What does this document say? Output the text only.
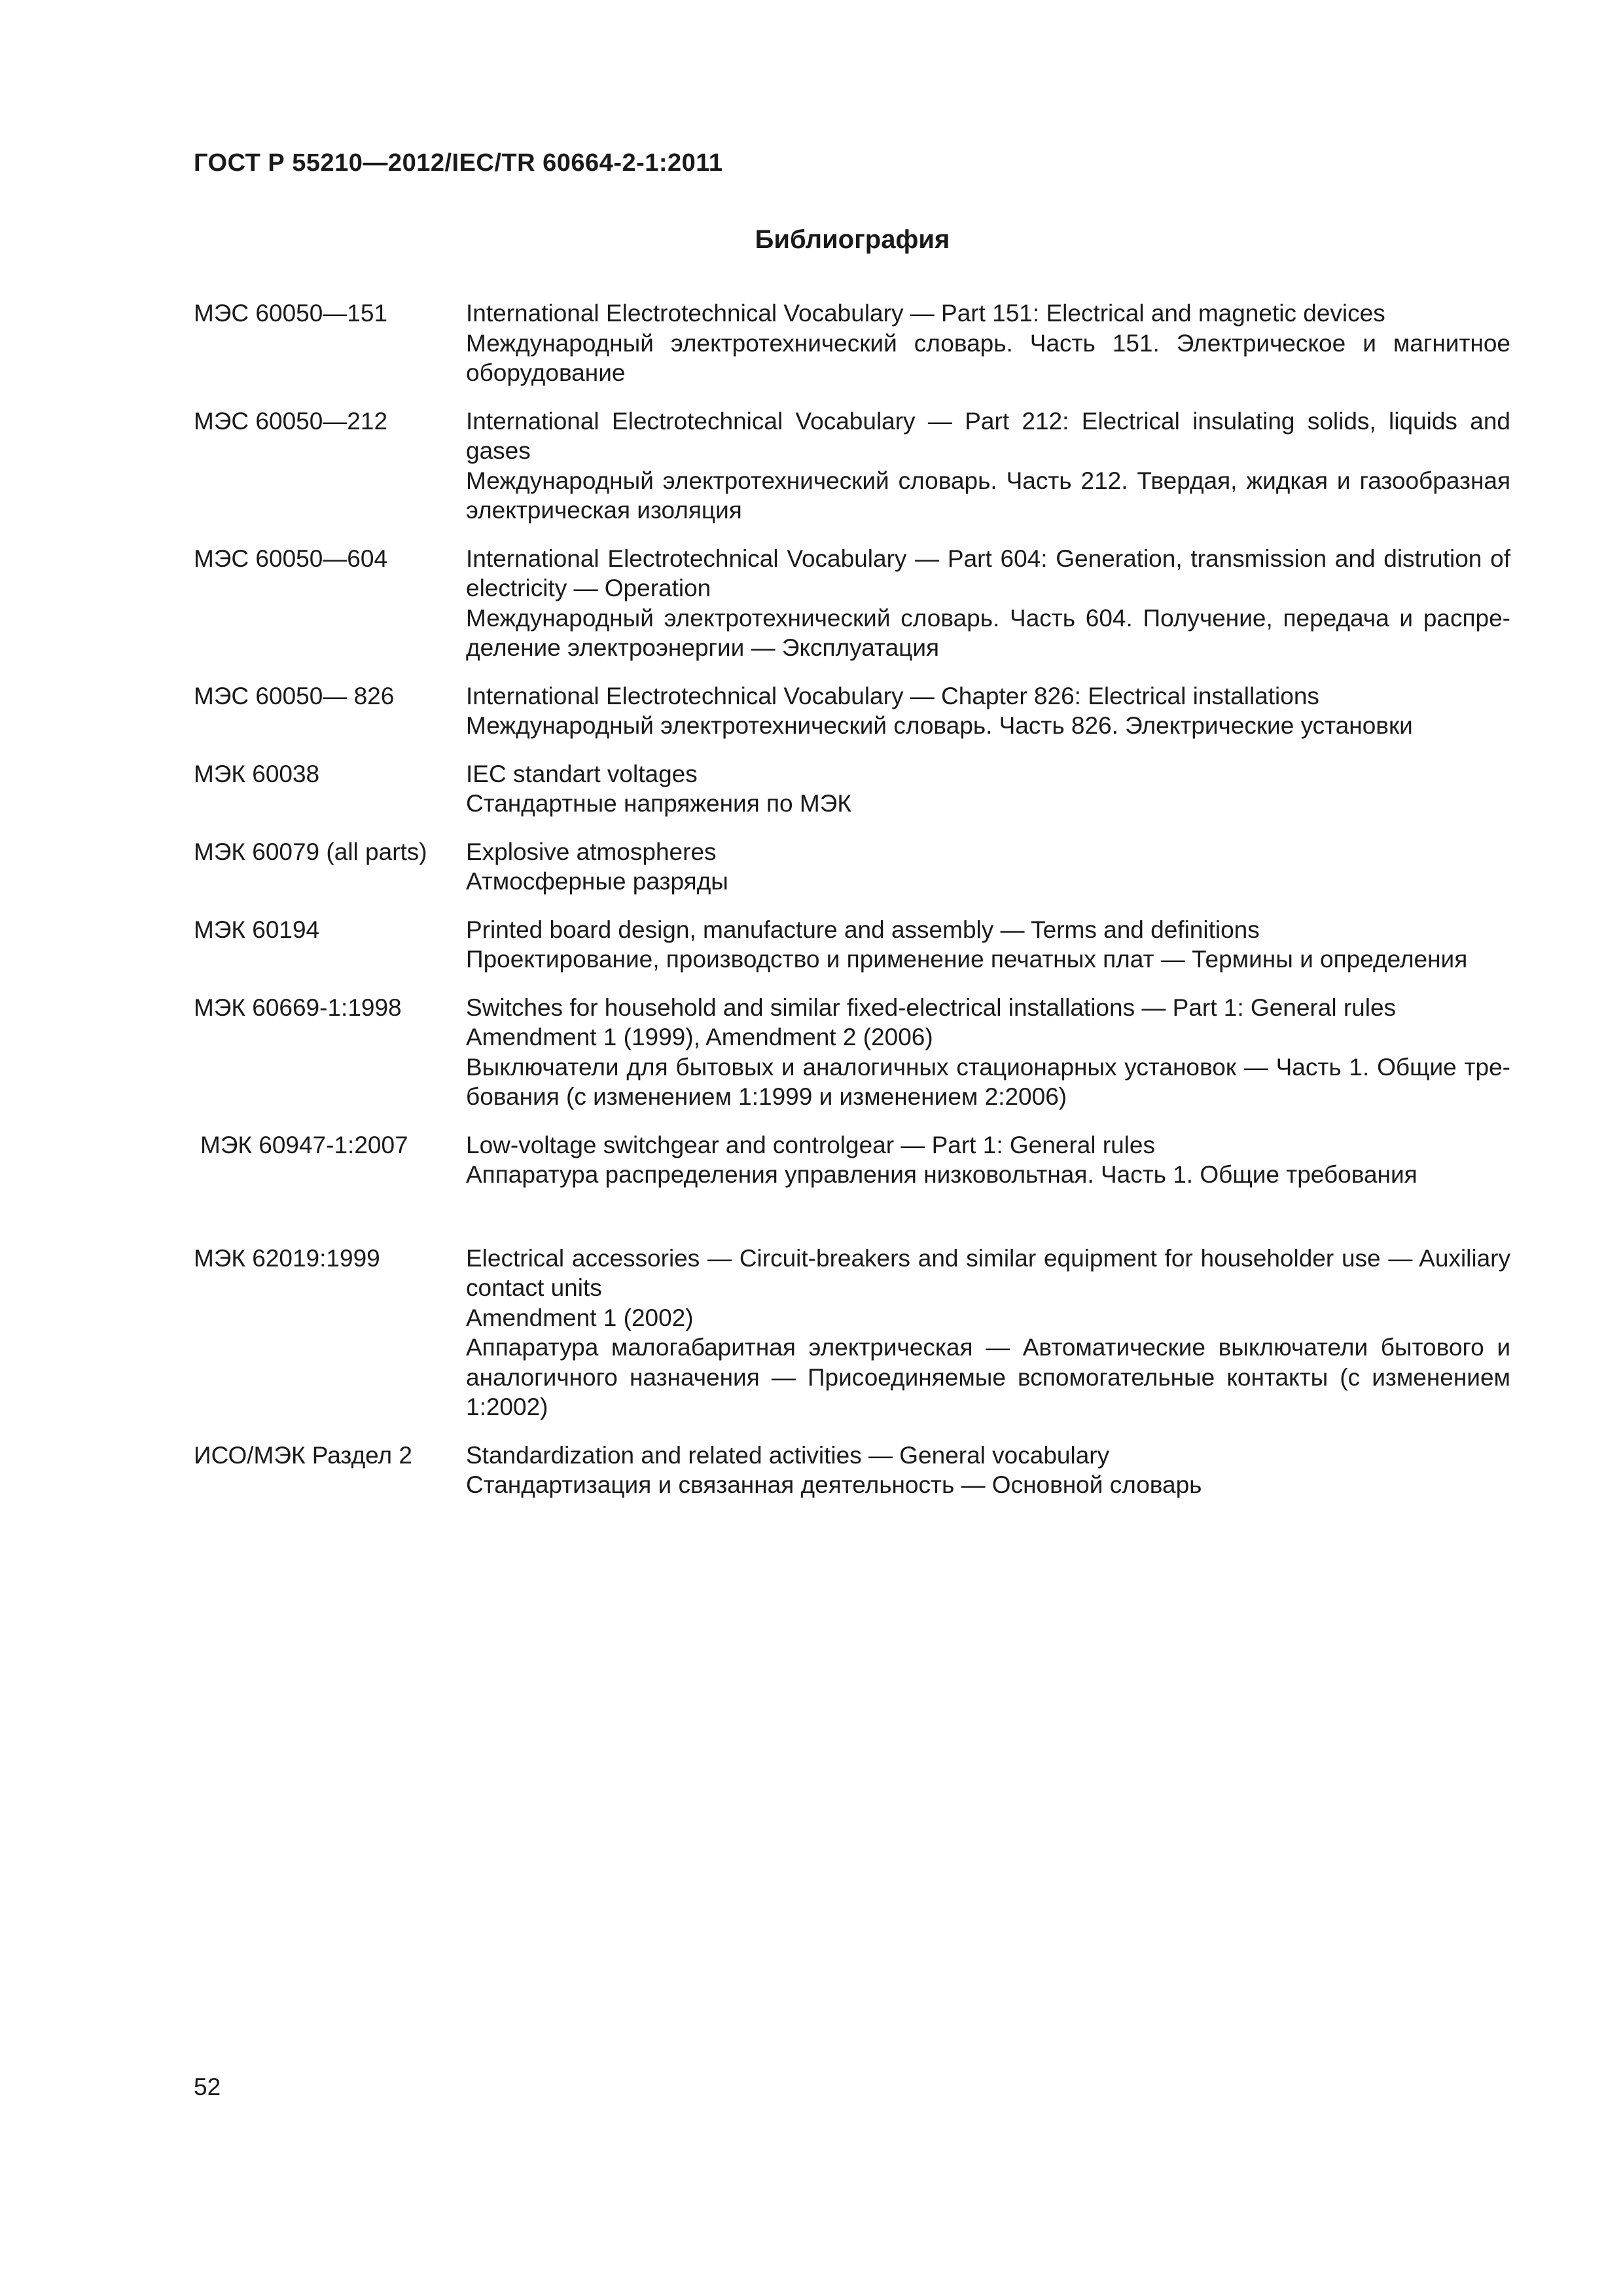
ГОСТ Р 55210—2012/IEC/TR 60664-2-1:2011
Библиография
МЭС 60050—151	International Electrotechnical Vocabulary — Part 151: Electrical and magnetic devices

Международный электротехнический словарь. Часть 151. Электрическое и магнитное оборудование

МЭС 60050—212	International Electrotechnical Vocabulary — Part 212: Electrical insulating solids, liquids and gases

Международный электротехнический словарь. Часть 212. Твердая, жидкая и газообразная электрическая изоляция

МЭС 60050—604	International Electrotechnical Vocabulary — Part 604: Generation, transmission and distrution of electricity — Operation

Международный электротехнический словарь. Часть 604. Получение, передача и распределение электроэнергии — Эксплуатация

МЭС 60050— 826	International Electrotechnical Vocabulary — Chapter 826: Electrical installations

Международный электротехнический словарь. Часть 826. Электрические установки

МЭК 60038	IEC standart voltages

Стандартные напряжения по МЭК

МЭК 60079 (all parts)	Explosive atmospheres

Атмосферные разряды

МЭК 60194	Printed board design, manufacture and assembly — Terms and definitions

Проектирование, производство и применение печатных плат — Термины и определения

МЭК 60669-1:1998	Switches for household and similar fixed-electrical installations — Part 1: General rules

Amendment 1 (1999), Amendment 2 (2006)

Выключатели для бытовых и аналогичных стационарных установок — Часть 1. Общие требования (с изменением 1:1999 и изменением 2:2006)

МЭК 60947-1:2007	Low-voltage switchgear and controlgear — Part 1: General rules

Аппаратура распределения управления низковольтная. Часть 1. Общие требования

МЭК 62019:1999	Electrical accessories — Circuit-breakers and similar equipment for householder use — Auxiliary contact units

Amendment 1 (2002)

Аппаратура малогабаритная электрическая — Автоматические выключатели бытового и аналогичного назначения — Присоединяемые вспомогательные контакты (с изменением 1:2002)

ИСО/МЭК Раздел 2	Standardization and related activities — General vocabulary

Стандартизация и связанная деятельность — Основной словарь

52
